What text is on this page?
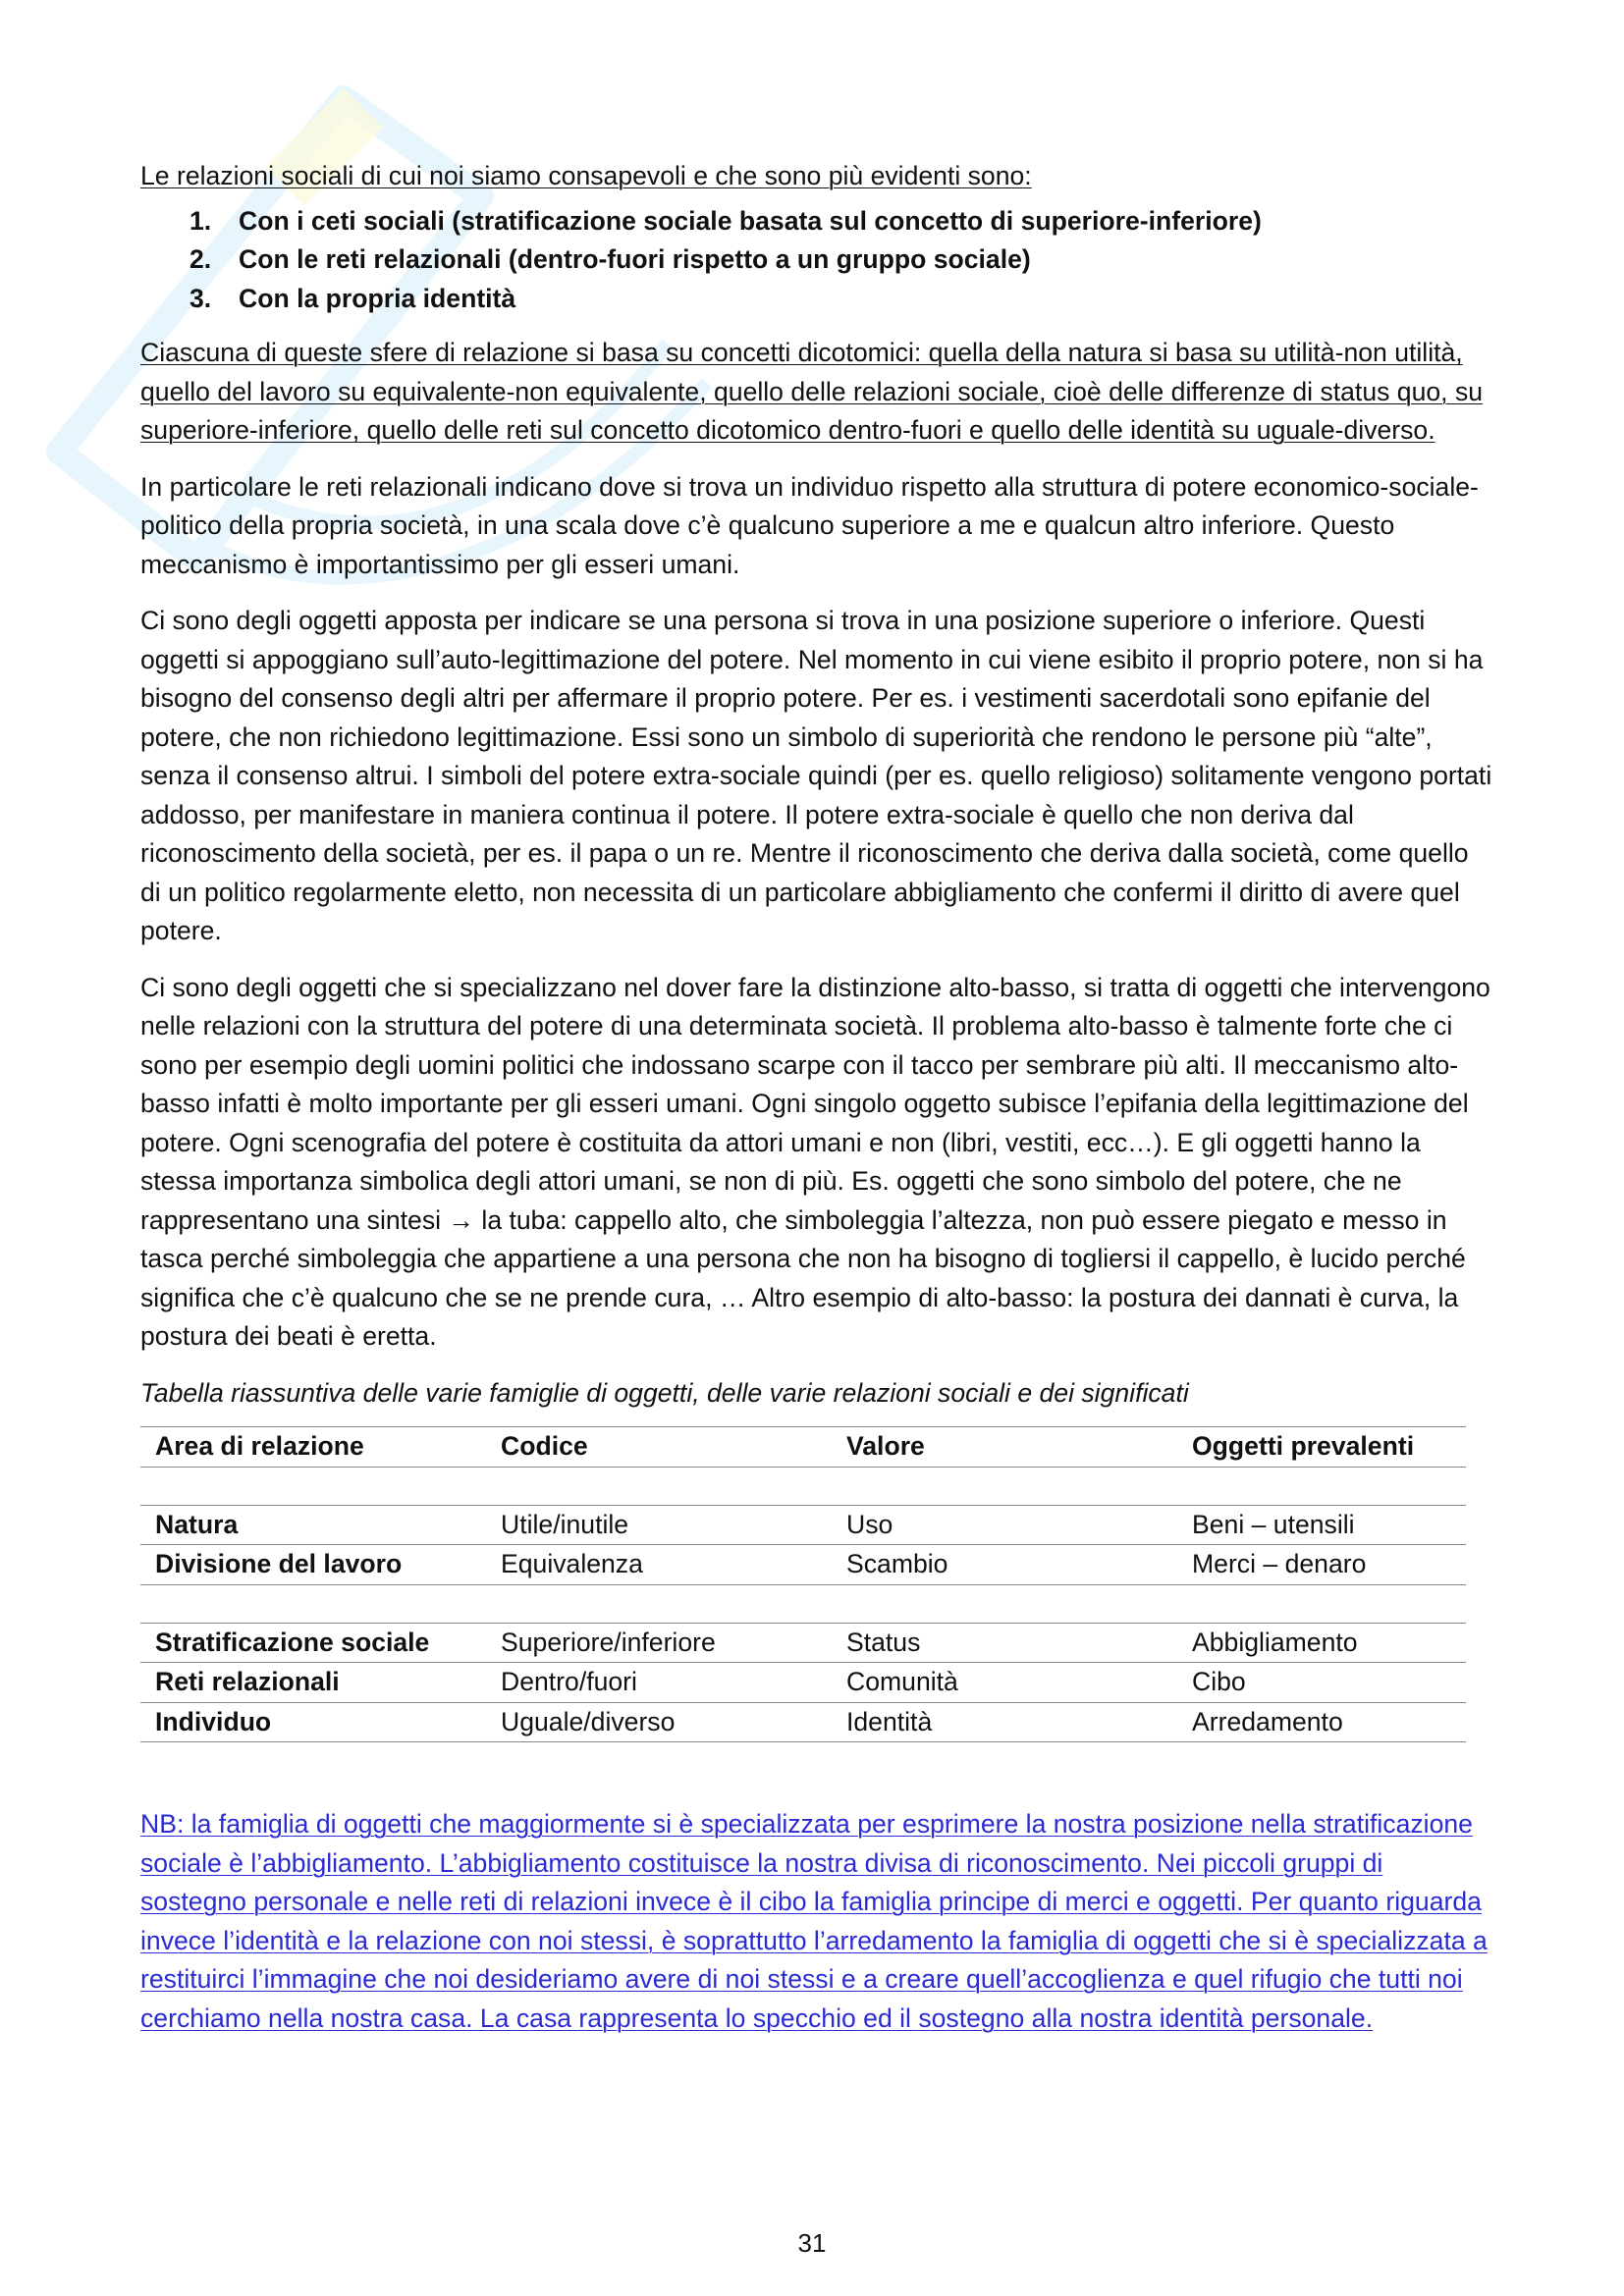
Le relazioni sociali di cui noi siamo consapevoli e che sono più evidenti sono:

1. Con i ceti sociali (stratificazione sociale basata sul concetto di superiore-inferiore)
2. Con le reti relazionali (dentro-fuori rispetto a un gruppo sociale)
3. Con la propria identità

Ciascuna di queste sfere di relazione si basa su concetti dicotomici: quella della natura si basa su utilità-non utilità, quello del lavoro su equivalente-non equivalente, quello delle relazioni sociale, cioè delle differenze di status quo, su superiore-inferiore, quello delle reti sul concetto dicotomico dentro-fuori e quello delle identità su uguale-diverso.

In particolare le reti relazionali indicano dove si trova un individuo rispetto alla struttura di potere economico-sociale-politico della propria società, in una scala dove c’è qualcuno superiore a me e qualcun altro inferiore. Questo meccanismo è importantissimo per gli esseri umani.

Ci sono degli oggetti apposta per indicare se una persona si trova in una posizione superiore o inferiore. Questi oggetti si appoggiano sull’auto-legittimazione del potere. Nel momento in cui viene esibito il proprio potere, non si ha bisogno del consenso degli altri per affermare il proprio potere. Per es. i vestimenti sacerdotali sono epifanie del potere, che non richiedono legittimazione. Essi sono un simbolo di superiorità che rendono le persone più “alte”, senza il consenso altrui. I simboli del potere extra-sociale quindi (per es. quello religioso) solitamente vengono portati addosso, per manifestare in maniera continua il potere. Il potere extra-sociale è quello che non deriva dal riconoscimento della società, per es. il papa o un re. Mentre il riconoscimento che deriva dalla società, come quello di un politico regolarmente eletto, non necessita di un particolare abbigliamento che confermi il diritto di avere quel potere.

Ci sono degli oggetti che si specializzano nel dover fare la distinzione alto-basso, si tratta di oggetti che intervengono nelle relazioni con la struttura del potere di una determinata società. Il problema alto-basso è talmente forte che ci sono per esempio degli uomini politici che indossano scarpe con il tacco per sembrare più alti. Il meccanismo alto-basso infatti è molto importante per gli esseri umani. Ogni singolo oggetto subisce l’epifania della legittimazione del potere. Ogni scenografia del potere è costituita da attori umani e non (libri, vestiti, ecc…). E gli oggetti hanno la stessa importanza simbolica degli attori umani, se non di più. Es. oggetti che sono simbolo del potere, che ne rappresentano una sintesi → la tuba: cappello alto, che simboleggia l’altezza, non può essere piegato e messo in tasca perché simboleggia che appartiene a una persona che non ha bisogno di togliersi il cappello, è lucido perché significa che c’è qualcuno che se ne prende cura, … Altro esempio di alto-basso: la postura dei dannati è curva, la postura dei beati è eretta.

Tabella riassuntiva delle varie famiglie di oggetti, delle varie relazioni sociali e dei significati

Area di relazione	Codice	Valore	Oggetti prevalenti

Natura	Utile/inutile	Uso	Beni – utensili
Divisione del lavoro	Equivalenza	Scambio	Merci – denaro

Stratificazione sociale	Superiore/inferiore	Status	Abbigliamento
Reti relazionali	Dentro/fuori	Comunità	Cibo
Individuo	Uguale/diverso	Identità	Arredamento

NB: la famiglia di oggetti che maggiormente si è specializzata per esprimere la nostra posizione nella stratificazione sociale è l’abbigliamento. L’abbigliamento costituisce la nostra divisa di riconoscimento. Nei piccoli gruppi di sostegno personale e nelle reti di relazioni invece è il cibo la famiglia principe di merci e oggetti. Per quanto riguarda invece l’identità e la relazione con noi stessi, è soprattutto l’arredamento la famiglia di oggetti che si è specializzata a restituirci l’immagine che noi desideriamo avere di noi stessi e a creare quell’accoglienza e quel rifugio che tutti noi cerchiamo nella nostra casa. La casa rappresenta lo specchio ed il sostegno alla nostra identità personale.

31
